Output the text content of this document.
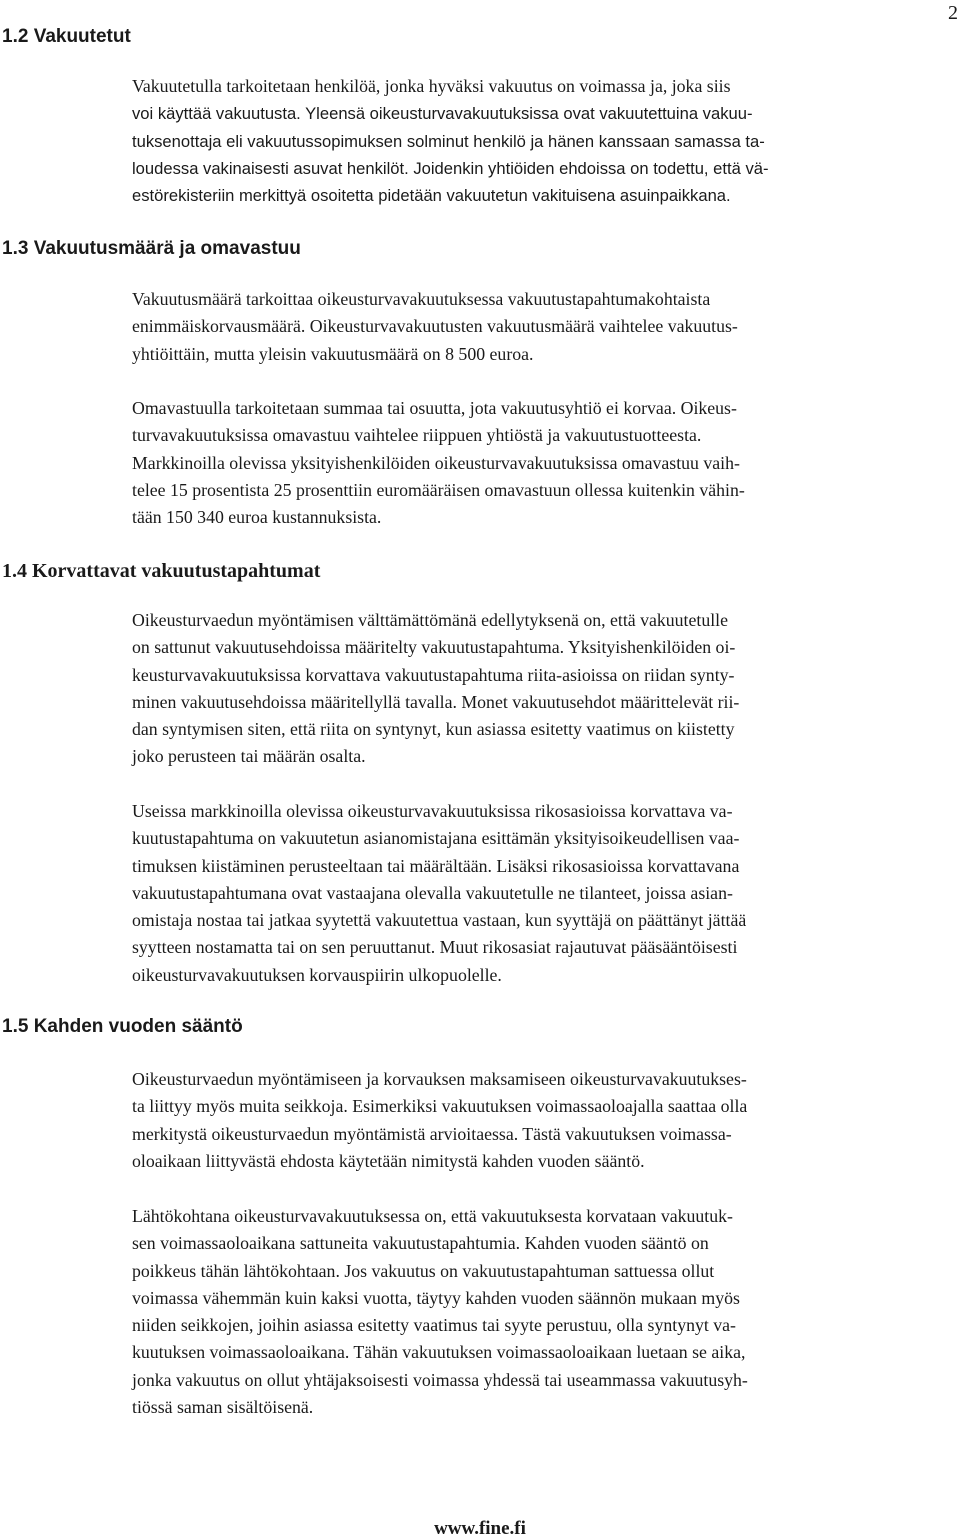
2
1.2 Vakuutetut

Vakuutetulla tarkoitetaan henkilöä, jonka hyväksi vakuutus on voimassa ja, joka siis
voi käyttää vakuutusta. Yleensä oikeusturvavakuutuksissa ovat vakuutettuina vakuu-
tuksenottaja eli vakuutussopimuksen solminut henkilö ja hänen kanssaan samassa ta-
loudessa vakinaisesti asuvat henkilöt. Joidenkin yhtiöiden ehdoissa on todettu, että vä-
estörekisteriin merkittyä osoitetta pidetään vakuutetun vakituisena asuinpaikkana.

1.3 Vakuutusmäärä ja omavastuu

Vakuutusmäärä tarkoittaa oikeusturvavakuutuksessa vakuutustapahtumakohtaista
enimmäiskorvausmäärä. Oikeusturvavakuutusten vakuutusmäärä vaihtelee vakuutus-
yhtiöittäin, mutta yleisin vakuutusmäärä on 8 500 euroa.

Omavastuulla tarkoitetaan summaa tai osuutta, jota vakuutusyhtiö ei korvaa. Oikeus-
turvavakuutuksissa omavastuu vaihtelee riippuen yhtiöstä ja vakuutustuotteesta.
Markkinoilla olevissa yksityishenkilöiden oikeusturvavakuutuksissa omavastuu vaih-
telee 15 prosentista 25 prosenttiin euromääräisen omavastuun ollessa kuitenkin vähin-
tään 150 340 euroa kustannuksista.

1.4 Korvattavat vakuutustapahtumat

Oikeusturvaedun myöntämisen välttämättömänä edellytyksenä on, että vakuutetulle
on sattunut vakuutusehdoissa määritelty vakuutustapahtuma. Yksityishenkilöiden oi-
keusturvavakuutuksissa korvattava vakuutustapahtuma riita-asioissa on riidan synty-
minen vakuutusehdoissa määritellyllä tavalla. Monet vakuutusehdot määrittelevät rii-
dan syntymisen siten, että riita on syntynyt, kun asiassa esitetty vaatimus on kiistetty
joko perusteen tai määrän osalta.

Useissa markkinoilla olevissa oikeusturvavakuutuksissa rikosasioissa korvattava va-
kuutustapahtuma on vakuutetun asianomistajana esittämän yksityisoikeudellisen vaa-
timuksen kiistäminen perusteeltaan tai määrältään. Lisäksi rikosasioissa korvattavana
vakuutustapahtumana ovat vastaajana olevalla vakuutetulle ne tilanteet, joissa asian-
omistaja nostaa tai jatkaa syytettä vakuutettua vastaan, kun syyttäjä on päättänyt jättää
syytteen nostamatta tai on sen peruuttanut. Muut rikosasiat rajautuvat pääsääntöisesti
oikeusturvavakuutuksen korvauspiirin ulkopuolelle.

1.5 Kahden vuoden sääntö

Oikeusturvaedun myöntämiseen ja korvauksen maksamiseen oikeusturvavakuutukses-
ta liittyy myös muita seikkoja. Esimerkiksi vakuutuksen voimassaoloajalla saattaa olla
merkitystä oikeusturvaedun myöntämistä arvioitaessa. Tästä vakuutuksen voimassa-
oloaikaan liittyvästä ehdosta käytetään nimitystä kahden vuoden sääntö.

Lähtökohtana oikeusturvavakuutuksessa on, että vakuutuksesta korvataan vakuutuk-
sen voimassaoloaikana sattuneita vakuutustapahtumia. Kahden vuoden sääntö on
poikkeus tähän lähtökohtaan. Jos vakuutus on vakuutustapahtuman sattuessa ollut
voimassa vähemmän kuin kaksi vuotta, täytyy kahden vuoden säännön mukaan myös
niiden seikkojen, joihin asiassa esitetty vaatimus tai syyte perustuu, olla syntynyt va-
kuutuksen voimassaoloaikana. Tähän vakuutuksen voimassaoloaikaan luetaan se aika,
jonka vakuutus on ollut yhtäjaksoisesti voimassa yhdessä tai useammassa vakuutusyh-
tiössä saman sisältöisenä.

www.fine.fi
